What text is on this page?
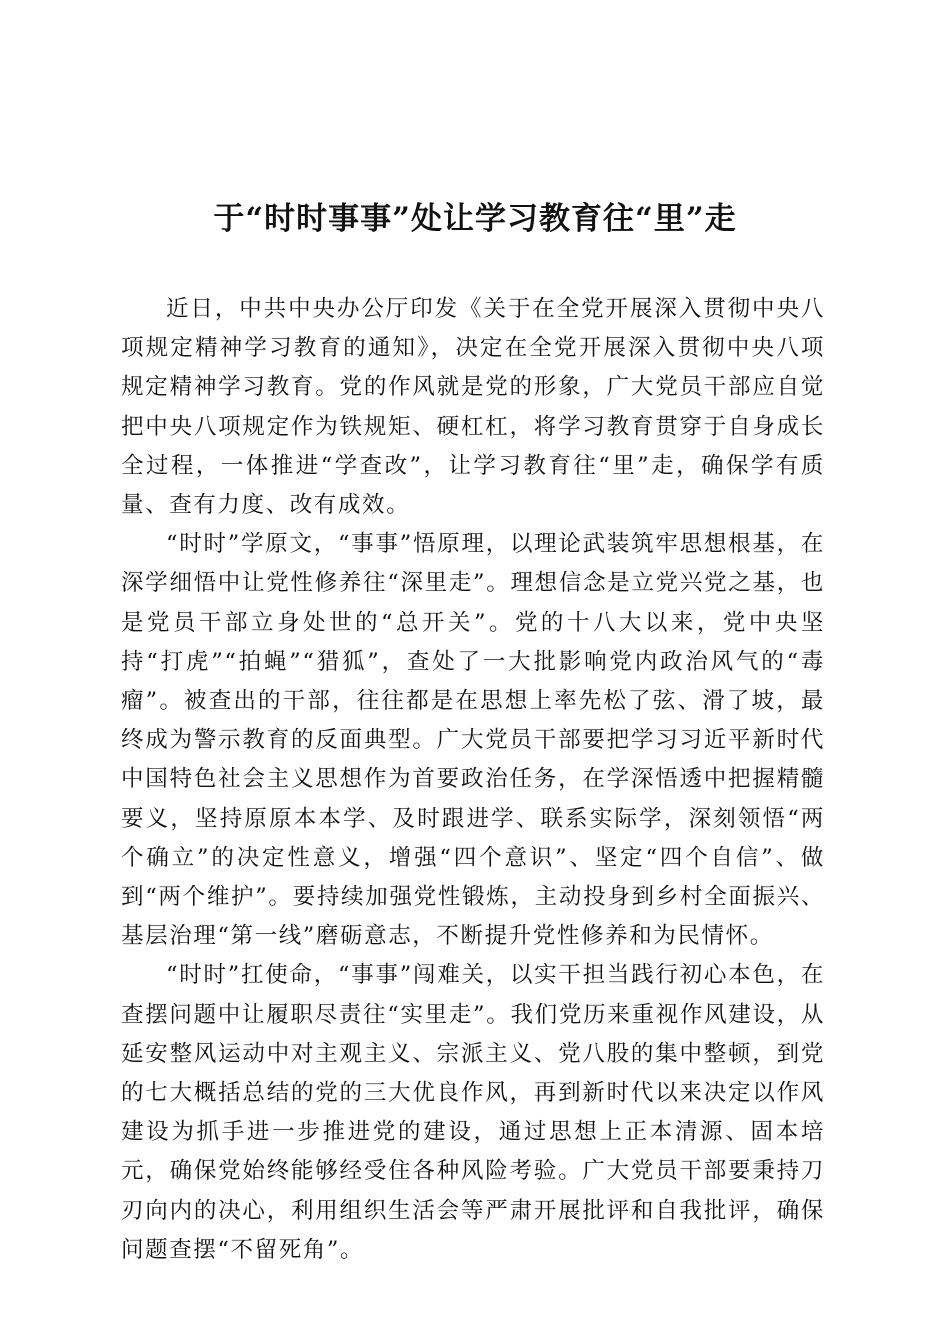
于“时时事事”处让学习教育往“里”走

近日，中共中央办公厅印发《关于在全党开展深入贯彻中央八项规定精神学习教育的通知》，决定在全党开展深入贯彻中央八项规定精神学习教育。党的作风就是党的形象，广大党员干部应自觉把中央八项规定作为铁规矩、硬杠杠，将学习教育贯穿于自身成长全过程，一体推进“学查改”，让学习教育往“里”走，确保学有质量、查有力度、改有成效。

“时时”学原文，“事事”悟原理，以理论武装筑牢思想根基，在深学细悟中让党性修养往“深里走”。理想信念是立党兴党之基，也是党员干部立身处世的“总开关”。党的十八大以来，党中央坚持“打虎”“拍蝇”“猎狐”，查处了一大批影响党内政治风气的“毒瘤”。被查出的干部，往往都是在思想上率先松了弦、滑了坡，最终成为警示教育的反面典型。广大党员干部要把学习习近平新时代中国特色社会主义思想作为首要政治任务，在学深悟透中把握精髓要义，坚持原原本本学、及时跟进学、联系实际学，深刻领悟“两个确立”的决定性意义，增强“四个意识”、坚定“四个自信”、做到“两个维护”。要持续加强党性锻炼，主动投身到乡村全面振兴、基层治理“第一线”磨砺意志，不断提升党性修养和为民情怀。

“时时”扛使命，“事事”闯难关，以实干担当践行初心本色，在查摆问题中让履职尽责往“实里走”。我们党历来重视作风建设，从延安整风运动中对主观主义、宗派主义、党八股的集中整顿，到党的七大概括总结的党的三大优良作风，再到新时代以来决定以作风建设为抓手进一步推进党的建设，通过思想上正本清源、固本培元，确保党始终能够经受住各种风险考验。广大党员干部要秉持刀刃向内的决心，利用组织生活会等严肃开展批评和自我批评，确保问题查摆“不留死角”。
